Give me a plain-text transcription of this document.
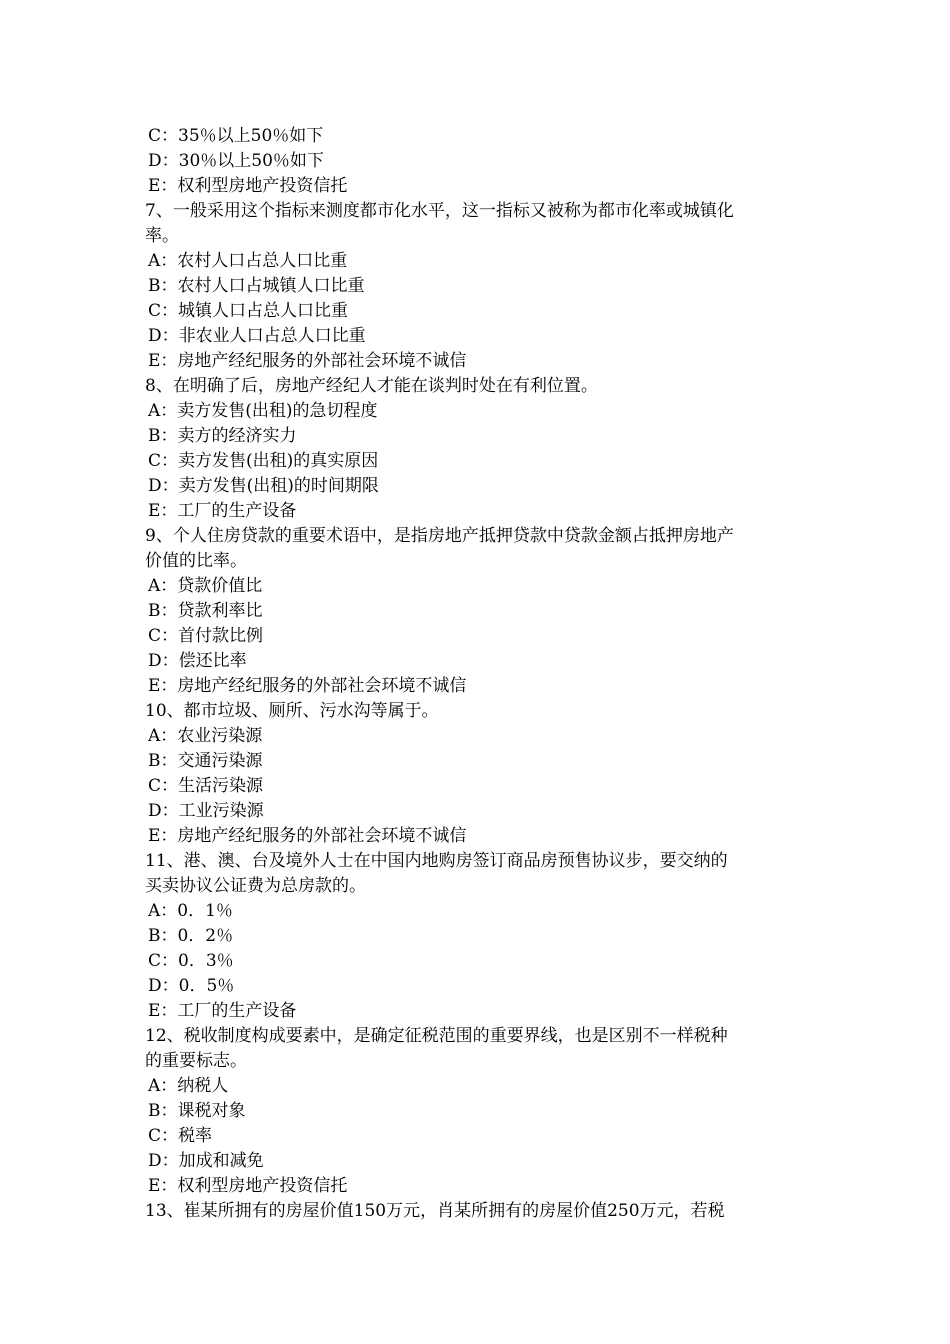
C：35％以上50％如下
D：30％以上50％如下
E：权利型房地产投资信托
7、一般采用这个指标来测度都市化水平，这一指标又被称为都市化率或城镇化
率。
A：农村人口占总人口比重
B：农村人口占城镇人口比重
C：城镇人口占总人口比重
D：非农业人口占总人口比重
E：房地产经纪服务的外部社会环境不诚信
8、在明确了后，房地产经纪人才能在谈判时处在有利位置。
A：卖方发售(出租)的急切程度
B：卖方的经济实力
C：卖方发售(出租)的真实原因
D：卖方发售(出租)的时间期限
E：工厂的生产设备
9、个人住房贷款的重要术语中，是指房地产抵押贷款中贷款金额占抵押房地产
价值的比率。
A：贷款价值比
B：贷款利率比
C：首付款比例
D：偿还比率
E：房地产经纪服务的外部社会环境不诚信
10、都市垃圾、厕所、污水沟等属于。
A：农业污染源
B：交通污染源
C：生活污染源
D：工业污染源
E：房地产经纪服务的外部社会环境不诚信
11、港、澳、台及境外人士在中国内地购房签订商品房预售协议步，要交纳的
买卖协议公证费为总房款的。
A：0．1％
B：0．2％
C：0．3％
D：0．5％
E：工厂的生产设备
12、税收制度构成要素中，是确定征税范围的重要界线，也是区别不一样税种
的重要标志。
A：纳税人
B：课税对象
C：税率
D：加成和减免
E：权利型房地产投资信托
13、崔某所拥有的房屋价值150万元，肖某所拥有的房屋价值250万元，若税
